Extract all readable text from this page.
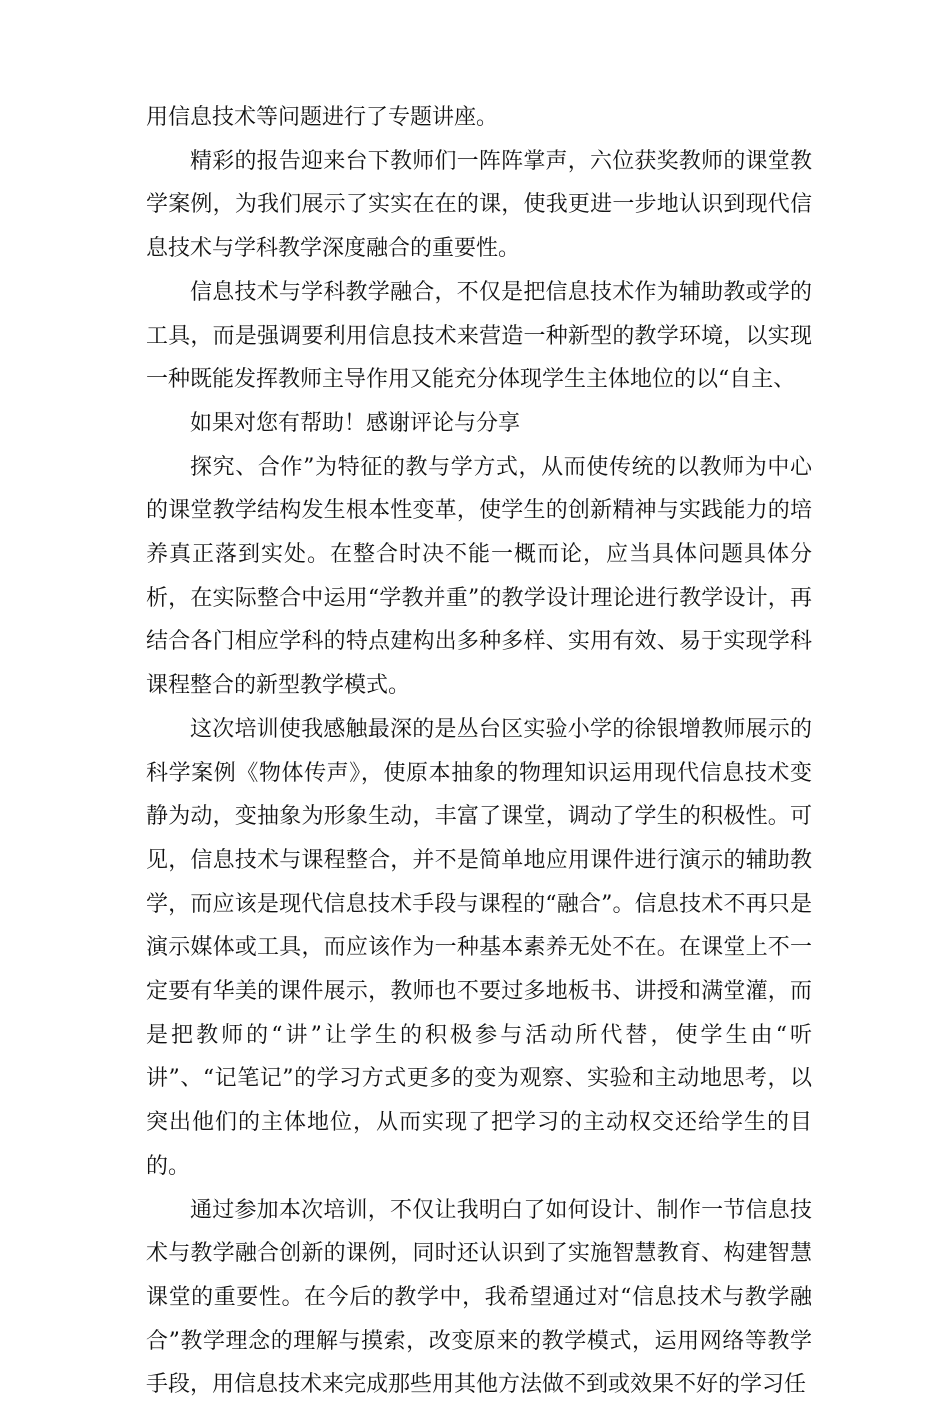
用信息技术等问题进行了专题讲座。

精彩的报告迎来台下教师们一阵阵掌声，六位获奖教师的课堂教学案例，为我们展示了实实在在的课，使我更进一步地认识到现代信息技术与学科教学深度融合的重要性。

信息技术与学科教学融合，不仅是把信息技术作为辅助教或学的工具，而是强调要利用信息技术来营造一种新型的教学环境，以实现一种既能发挥教师主导作用又能充分体现学生主体地位的以“自主、

如果对您有帮助！感谢评论与分享

探究、合作”为特征的教与学方式，从而使传统的以教师为中心的课堂教学结构发生根本性变革，使学生的创新精神与实践能力的培养真正落到实处。在整合时决不能一概而论，应当具体问题具体分析，在实际整合中运用“学教并重”的教学设计理论进行教学设计，再结合各门相应学科的特点建构出多种多样、实用有效、易于实现学科课程整合的新型教学模式。

这次培训使我感触最深的是丛台区实验小学的徐银增教师展示的科学案例《物体传声》，使原本抽象的物理知识运用现代信息技术变静为动，变抽象为形象生动，丰富了课堂，调动了学生的积极性。可见，信息技术与课程整合，并不是简单地应用课件进行演示的辅助教学，而应该是现代信息技术手段与课程的“融合”。信息技术不再只是演示媒体或工具，而应该作为一种基本素养无处不在。在课堂上不一定要有华美的课件展示，教师也不要过多地板书、讲授和满堂灌，而是把教师的“讲”让学生的积极参与活动所代替，使学生由“听讲”、“记笔记”的学习方式更多的变为观察、实验和主动地思考，以突出他们的主体地位，从而实现了把学习的主动权交还给学生的目的。

通过参加本次培训，不仅让我明白了如何设计、制作一节信息技术与教学融合创新的课例，同时还认识到了实施智慧教育、构建智慧课堂的重要性。在今后的教学中，我希望通过对“信息技术与教学融合”教学理念的理解与摸索，改变原来的教学模式，运用网络等教学手段，用信息技术来完成那些用其他方法做不到或效果不好的学习任
